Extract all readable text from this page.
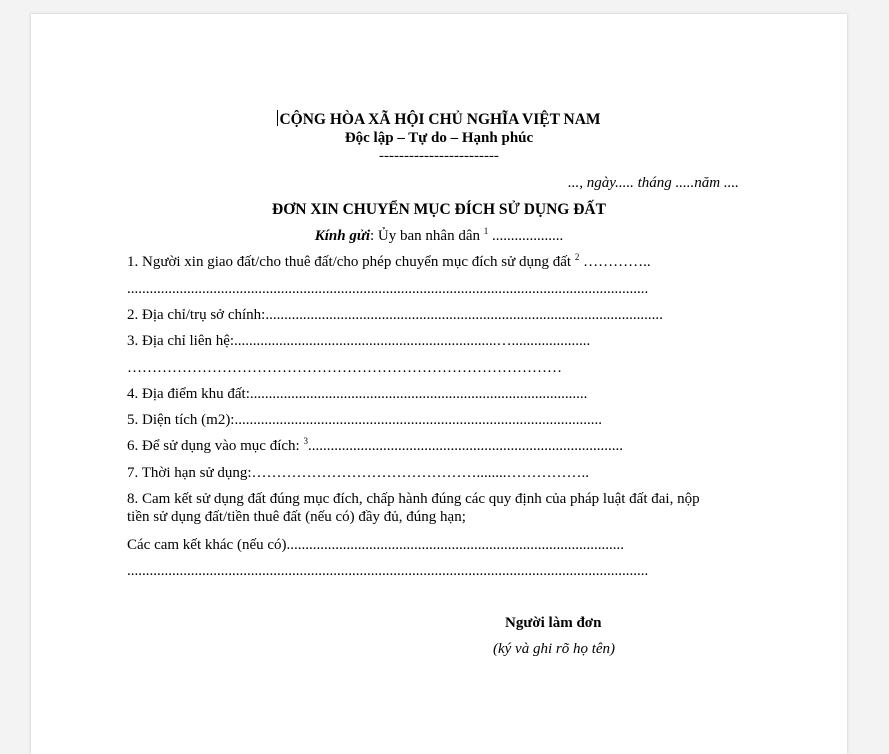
CỘNG HÒA XÃ HỘI CHỦ NGHĨA VIỆT NAM
Độc lập – Tự do – Hạnh phúc
------------------------
..., ngày..... tháng .....năm ....
ĐƠN XIN CHUYỂN MỤC ĐÍCH SỬ DỤNG ĐẤT
Kính gửi: Ủy ban nhân dân $^1$ ...................
1. Người xin giao đất/cho thuê đất/cho phép chuyển mục đích sử dụng đất $^2$ …………..
...........................................................................................................................................
2. Địa chỉ/trụ sở chính:..........................................................................................................
3. Địa chỉ liên hệ:......................................................................….....................
……………………………………………………………………………
4. Địa điểm khu đất:..........................................................................................
5. Diện tích (m2):..................................................................................................
6. Để sử dụng vào mục đích: $^3$....................................................................................
7. Thời hạn sử dụng:………………………………………........……………..
8. Cam kết sử dụng đất đúng mục đích, chấp hành đúng các quy định của pháp luật đất đai, nộp
tiền sử dụng đất/tiền thuê đất (nếu có) đầy đủ, đúng hạn;
Các cam kết khác (nếu có)..........................................................................................
...........................................................................................................................................
Người làm đơn
(ký và ghi rõ họ tên)
